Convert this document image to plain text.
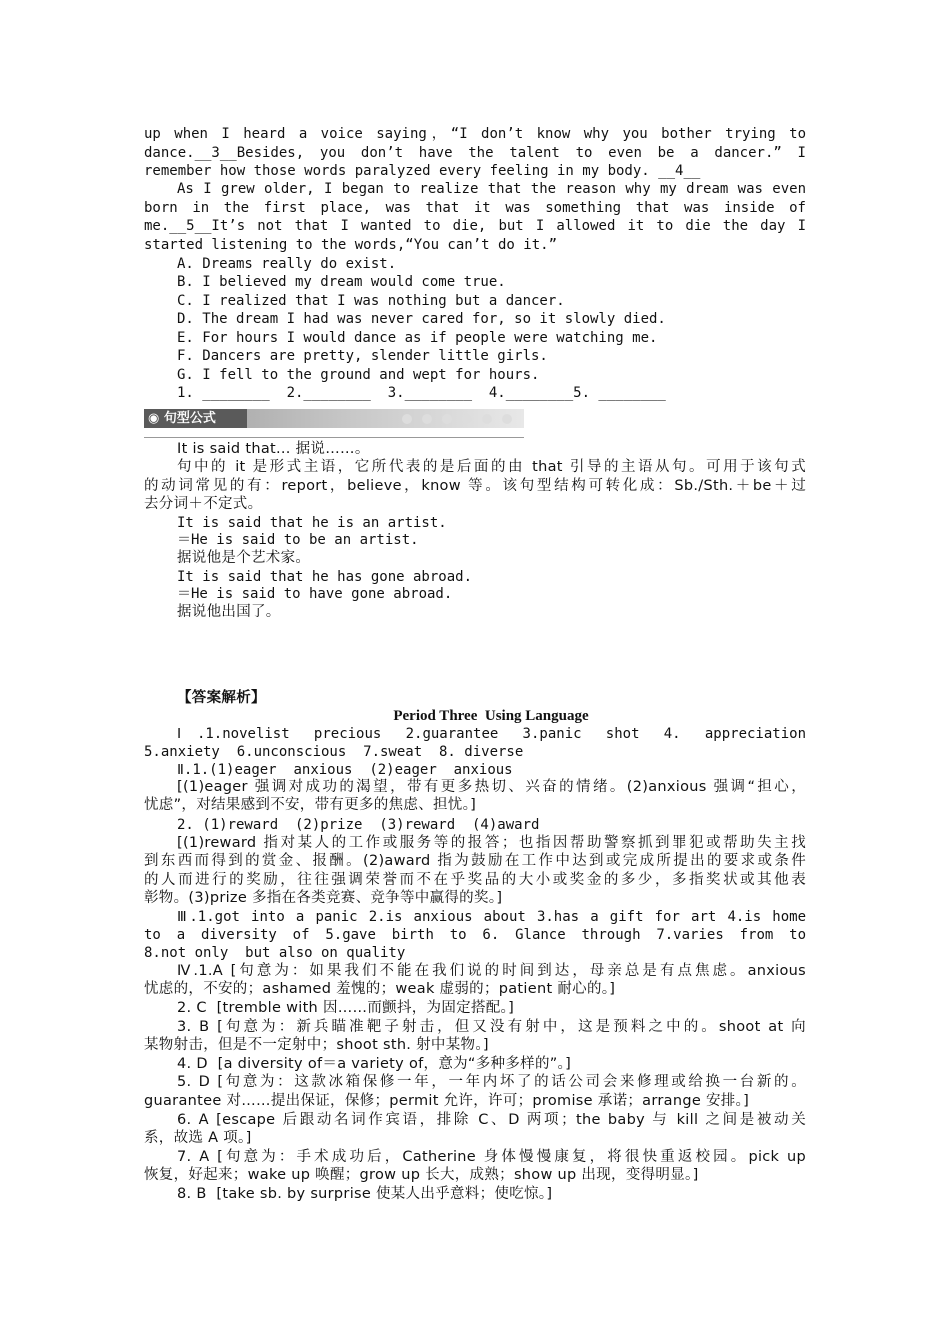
up when I heard a voice saying，“I don’t know why you bother trying to
dance.__3__Besides, you don’t have the talent to even be a dancer.” I
remember how those words paralyzed every feeling in my body. __4__
As I grew older, I began to realize that the reason why my dream was even
born in the first place, was that it was something that was inside of
me.__5__It’s not that I wanted to die, but I allowed it to die the day I
started listening to the words,“You can’t do it.”
A. Dreams really do exist.
B. I believed my dream would come true.
C. I realized that I was nothing but a dancer.
D. The dream I had was never cared for, so it slowly died.
E. For hours I would dance as if people were watching me.
F. Dancers are pretty, slender little girls.
G. I fell to the ground and wept for hours.
1. ________  2.________  3.________  4.________5. ________
◉ 句型公式
It is said that... 据说……。
句中的 it 是形式主语，它所代表的是后面的由 that 引导的主语从句。可用于该句式
的动词常见的有：report，believe，know 等。该句型结构可转化成：Sb./Sth.＋be＋过
去分词＋不定式。
It is said that he is an artist.
＝He is said to be an artist.
据说他是个艺术家。
It is said that he has gone abroad.
＝He is said to have gone abroad.
据说他出国了。
【答案解析】
Period Three  Using Language
Ⅰ.1.novelist precious 2.guarantee 3.panic shot 4. appreciation
5.anxiety  6.unconscious  7.sweat  8. diverse
Ⅱ.1.(1)eager  anxious  (2)eager  anxious
[(1)eager 强调对成功的渴望，带有更多热切、兴奋的情绪。(2)anxious 强调“担心，
忧虑”，对结果感到不安，带有更多的焦虑、担忧。]
2. (1)reward  (2)prize  (3)reward  (4)award
[(1)reward 指对某人的工作或服务等的报答；也指因帮助警察抓到罪犯或帮助失主找
到东西而得到的赏金、报酬。(2)award 指为鼓励在工作中达到或完成所提出的要求或条件
的人而进行的奖励，往往强调荣誉而不在乎奖品的大小或奖金的多少，多指奖状或其他表
彰物。(3)prize 多指在各类竞赛、竞争等中赢得的奖。]
Ⅲ.1.got into a panic 2.is anxious about 3.has a gift for art 4.is home
to a diversity of 5.gave birth to 6. Glance through 7.varies from to
8.not only  but also on quality
Ⅳ.1.A [句意为：如果我们不能在我们说的时间到达，母亲总是有点焦虑。anxious
忧虑的，不安的；ashamed 羞愧的；weak 虚弱的；patient 耐心的。]
2. C  [tremble with 因……而颤抖，为固定搭配。]
3. B [句意为：新兵瞄准靶子射击，但又没有射中，这是预料之中的。shoot at 向
某物射击，但是不一定射中；shoot sth. 射中某物。]
4. D  [a diversity of＝a variety of，意为“多种多样的”。]
5. D [句意为：这款冰箱保修一年，一年内坏了的话公司会来修理或给换一台新的。
guarantee 对……提出保证，保修；permit 允许，许可；promise 承诺；arrange 安排。]
6. A [escape 后跟动名词作宾语，排除 C、D 两项；the baby 与 kill 之间是被动关
系，故选 A 项。]
7. A [句意为：手术成功后，Catherine 身体慢慢康复，将很快重返校园。pick up
恢复，好起来；wake up 唤醒；grow up 长大，成熟；show up 出现，变得明显。]
8. B  [take sb. by surprise 使某人出乎意料；使吃惊。]
